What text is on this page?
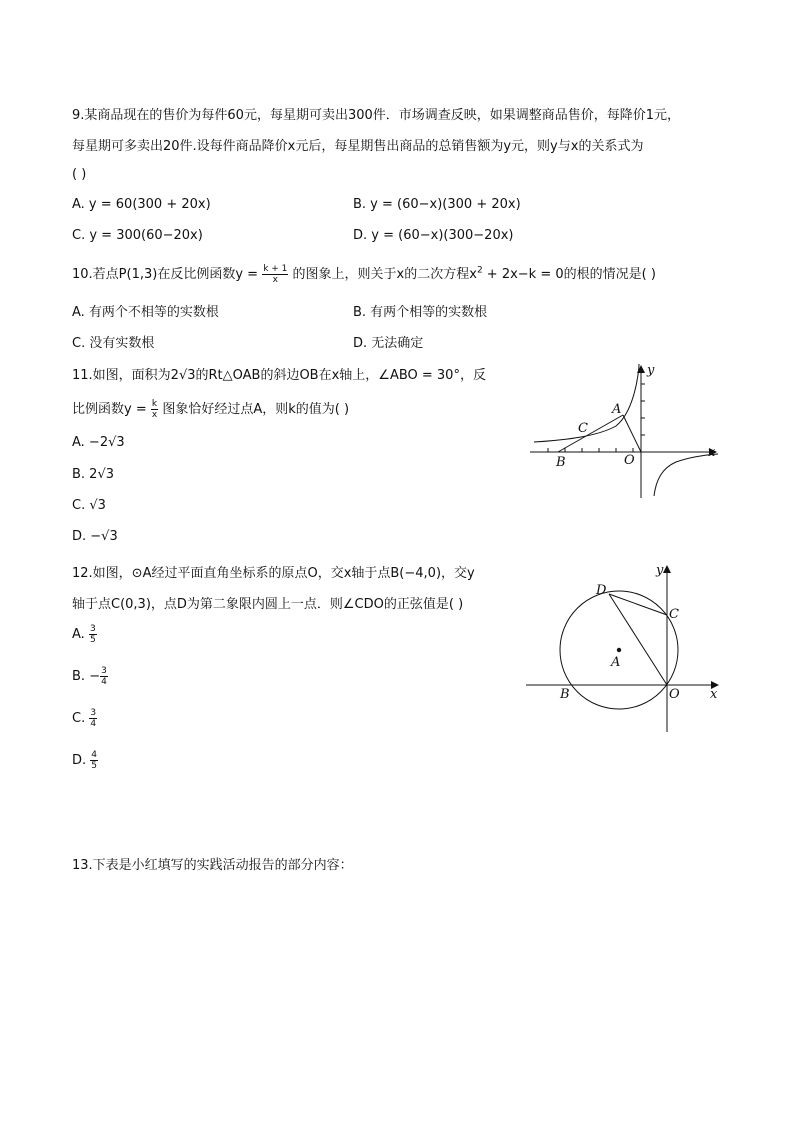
9.某商品现在的售价为每件60元，每星期可卖出300件．市场调查反映，如果调整商品售价，每降价1元，
每星期可多卖出20件.设每件商品降价x元后，每星期售出商品的总销售额为y元，则y与x的关系式为
( )
A. y = 60(300 + 20x)	B. y = (60−x)(300 + 20x)
C. y = 300(60−20x)	D. y = (60−x)(300−20x)
10.若点P(1,3)在反比例函数$y = \frac{k + 1}{x}$ 的图象上，则关于x的二次方程$x^2 + 2x-k = 0$的根的情况是( )
A. 有两个不相等的实数根	B. 有两个相等的实数根
C. 没有实数根	D. 无法确定
11.如图，面积为2√3的Rt△OAB的斜边OB在x轴上，∠ABO = 30°，反
比例函数$y = \frac{k}{x}$ 图象恰好经过点A，则k的值为( )
A. −2√3
B. 2√3
C. √3
D. −√3
A
C
B	O
x
y
12.如图，⊙A经过平面直角坐标系的原点O，交x轴于点B(−4,0)，交y
轴于点C(0,3)，点D为第二象限内圆上一点．则∠CDO的正弦值是( )
A. $\frac{3}{5}$
B. − $\frac{3}{4}$
C. $\frac{3}{4}$
D. $\frac{4}{5}$
D
C
A
B	O x
y
13.下表是小红填写的实践活动报告的部分内容：
